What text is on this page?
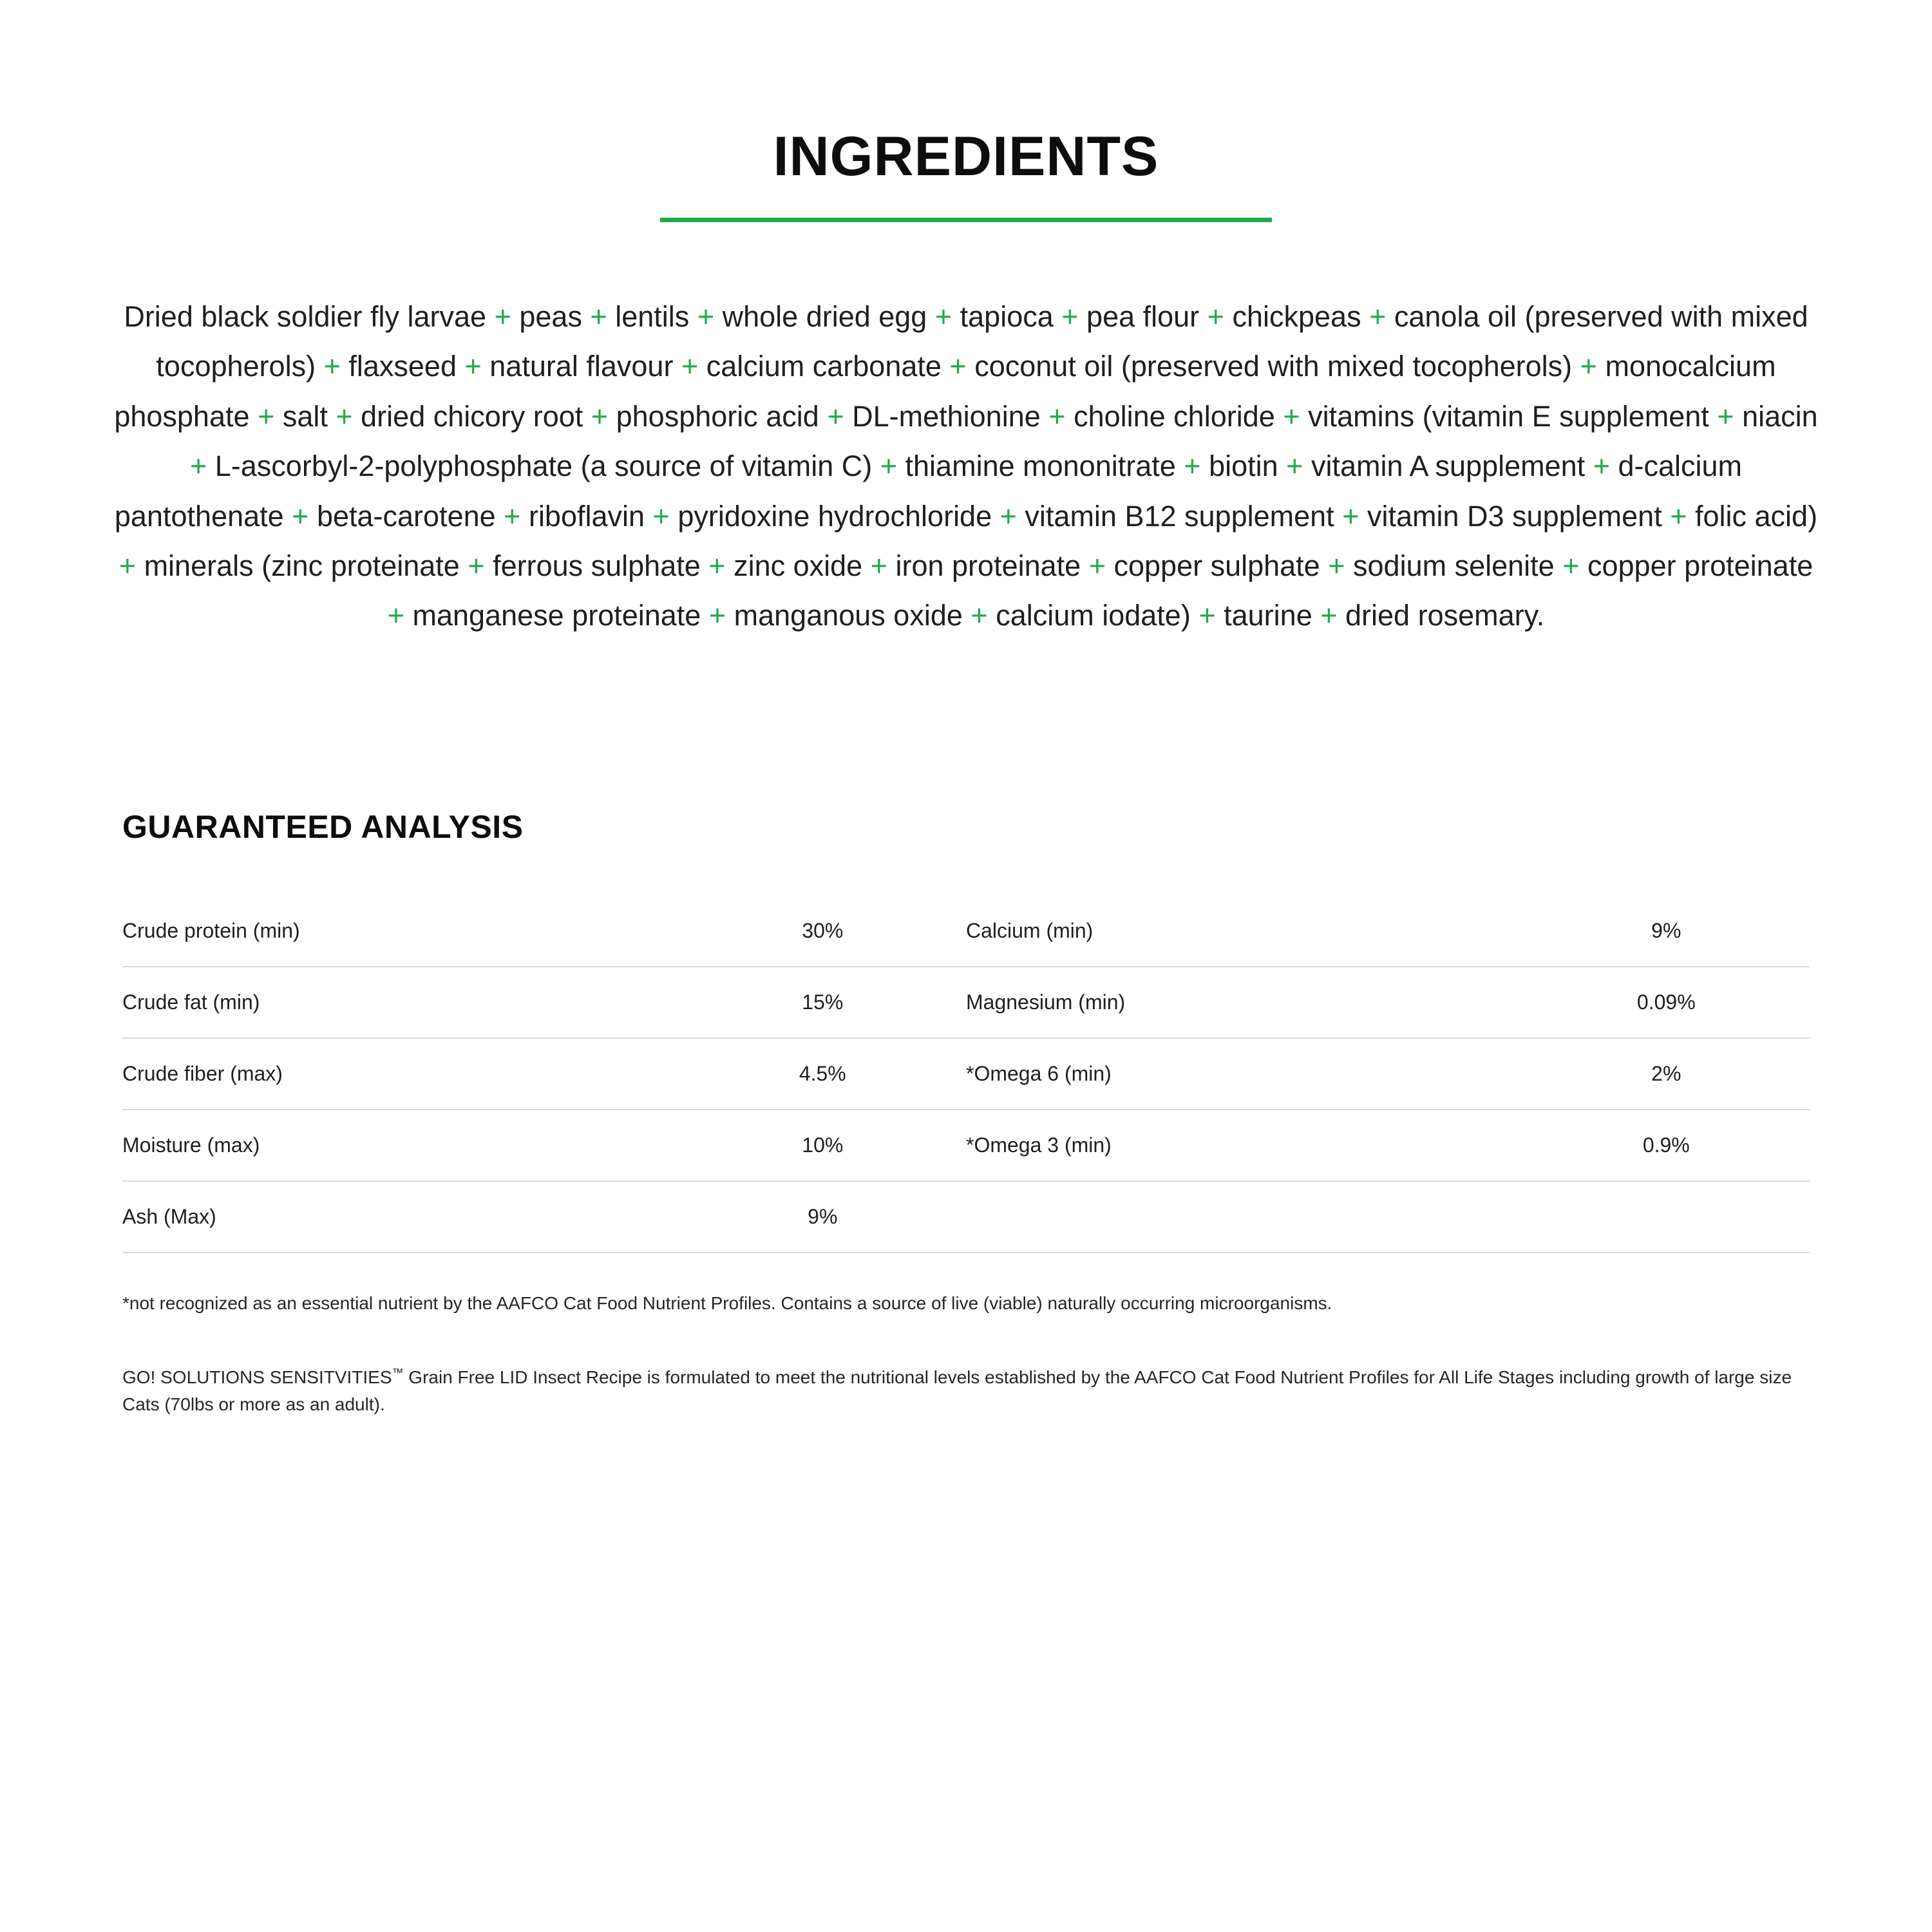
INGREDIENTS
Dried black soldier fly larvae + peas + lentils + whole dried egg + tapioca + pea flour + chickpeas + canola oil (preserved with mixed tocopherols) + flaxseed + natural flavour + calcium carbonate + coconut oil (preserved with mixed tocopherols) + monocalcium phosphate + salt + dried chicory root + phosphoric acid + DL-methionine + choline chloride + vitamins (vitamin E supplement + niacin + L-ascorbyl-2-polyphosphate (a source of vitamin C) + thiamine mononitrate + biotin + vitamin A supplement + d-calcium pantothenate + beta-carotene + riboflavin + pyridoxine hydrochloride + vitamin B12 supplement + vitamin D3 supplement + folic acid) + minerals (zinc proteinate + ferrous sulphate + zinc oxide + iron proteinate + copper sulphate + sodium selenite + copper proteinate + manganese proteinate + manganous oxide + calcium iodate) + taurine + dried rosemary.
GUARANTEED ANALYSIS
Crude protein (min)	30%	Calcium (min)	9%
Crude fat (min)	15%	Magnesium (min)	0.09%
Crude fiber (max)	4.5%	*Omega 6 (min)	2%
Moisture (max)	10%	*Omega 3 (min)	0.9%
Ash (Max)	9%		
*not recognized as an essential nutrient by the AAFCO Cat Food Nutrient Profiles. Contains a source of live (viable) naturally occurring microorganisms.
GO! SOLUTIONS SENSITVITIES™ Grain Free LID Insect Recipe is formulated to meet the nutritional levels established by the AAFCO Cat Food Nutrient Profiles for All Life Stages including growth of large size Cats (70lbs or more as an adult).
